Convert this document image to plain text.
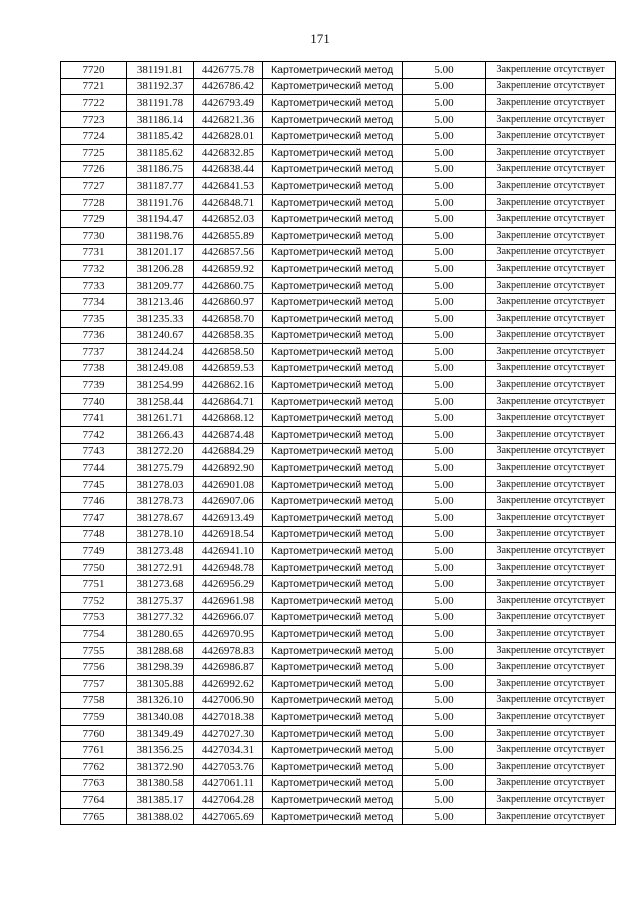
171
7720	381191.81	4426775.78	Картометрический метод	5.00	Закрепление отсутствует
7721	381192.37	4426786.42	Картометрический метод	5.00	Закрепление отсутствует
7722	381191.78	4426793.49	Картометрический метод	5.00	Закрепление отсутствует
7723	381186.14	4426821.36	Картометрический метод	5.00	Закрепление отсутствует
7724	381185.42	4426828.01	Картометрический метод	5.00	Закрепление отсутствует
7725	381185.62	4426832.85	Картометрический метод	5.00	Закрепление отсутствует
7726	381186.75	4426838.44	Картометрический метод	5.00	Закрепление отсутствует
7727	381187.77	4426841.53	Картометрический метод	5.00	Закрепление отсутствует
7728	381191.76	4426848.71	Картометрический метод	5.00	Закрепление отсутствует
7729	381194.47	4426852.03	Картометрический метод	5.00	Закрепление отсутствует
7730	381198.76	4426855.89	Картометрический метод	5.00	Закрепление отсутствует
7731	381201.17	4426857.56	Картометрический метод	5.00	Закрепление отсутствует
7732	381206.28	4426859.92	Картометрический метод	5.00	Закрепление отсутствует
7733	381209.77	4426860.75	Картометрический метод	5.00	Закрепление отсутствует
7734	381213.46	4426860.97	Картометрический метод	5.00	Закрепление отсутствует
7735	381235.33	4426858.70	Картометрический метод	5.00	Закрепление отсутствует
7736	381240.67	4426858.35	Картометрический метод	5.00	Закрепление отсутствует
7737	381244.24	4426858.50	Картометрический метод	5.00	Закрепление отсутствует
7738	381249.08	4426859.53	Картометрический метод	5.00	Закрепление отсутствует
7739	381254.99	4426862.16	Картометрический метод	5.00	Закрепление отсутствует
7740	381258.44	4426864.71	Картометрический метод	5.00	Закрепление отсутствует
7741	381261.71	4426868.12	Картометрический метод	5.00	Закрепление отсутствует
7742	381266.43	4426874.48	Картометрический метод	5.00	Закрепление отсутствует
7743	381272.20	4426884.29	Картометрический метод	5.00	Закрепление отсутствует
7744	381275.79	4426892.90	Картометрический метод	5.00	Закрепление отсутствует
7745	381278.03	4426901.08	Картометрический метод	5.00	Закрепление отсутствует
7746	381278.73	4426907.06	Картометрический метод	5.00	Закрепление отсутствует
7747	381278.67	4426913.49	Картометрический метод	5.00	Закрепление отсутствует
7748	381278.10	4426918.54	Картометрический метод	5.00	Закрепление отсутствует
7749	381273.48	4426941.10	Картометрический метод	5.00	Закрепление отсутствует
7750	381272.91	4426948.78	Картометрический метод	5.00	Закрепление отсутствует
7751	381273.68	4426956.29	Картометрический метод	5.00	Закрепление отсутствует
7752	381275.37	4426961.98	Картометрический метод	5.00	Закрепление отсутствует
7753	381277.32	4426966.07	Картометрический метод	5.00	Закрепление отсутствует
7754	381280.65	4426970.95	Картометрический метод	5.00	Закрепление отсутствует
7755	381288.68	4426978.83	Картометрический метод	5.00	Закрепление отсутствует
7756	381298.39	4426986.87	Картометрический метод	5.00	Закрепление отсутствует
7757	381305.88	4426992.62	Картометрический метод	5.00	Закрепление отсутствует
7758	381326.10	4427006.90	Картометрический метод	5.00	Закрепление отсутствует
7759	381340.08	4427018.38	Картометрический метод	5.00	Закрепление отсутствует
7760	381349.49	4427027.30	Картометрический метод	5.00	Закрепление отсутствует
7761	381356.25	4427034.31	Картометрический метод	5.00	Закрепление отсутствует
7762	381372.90	4427053.76	Картометрический метод	5.00	Закрепление отсутствует
7763	381380.58	4427061.11	Картометрический метод	5.00	Закрепление отсутствует
7764	381385.17	4427064.28	Картометрический метод	5.00	Закрепление отсутствует
7765	381388.02	4427065.69	Картометрический метод	5.00	Закрепление отсутствует
